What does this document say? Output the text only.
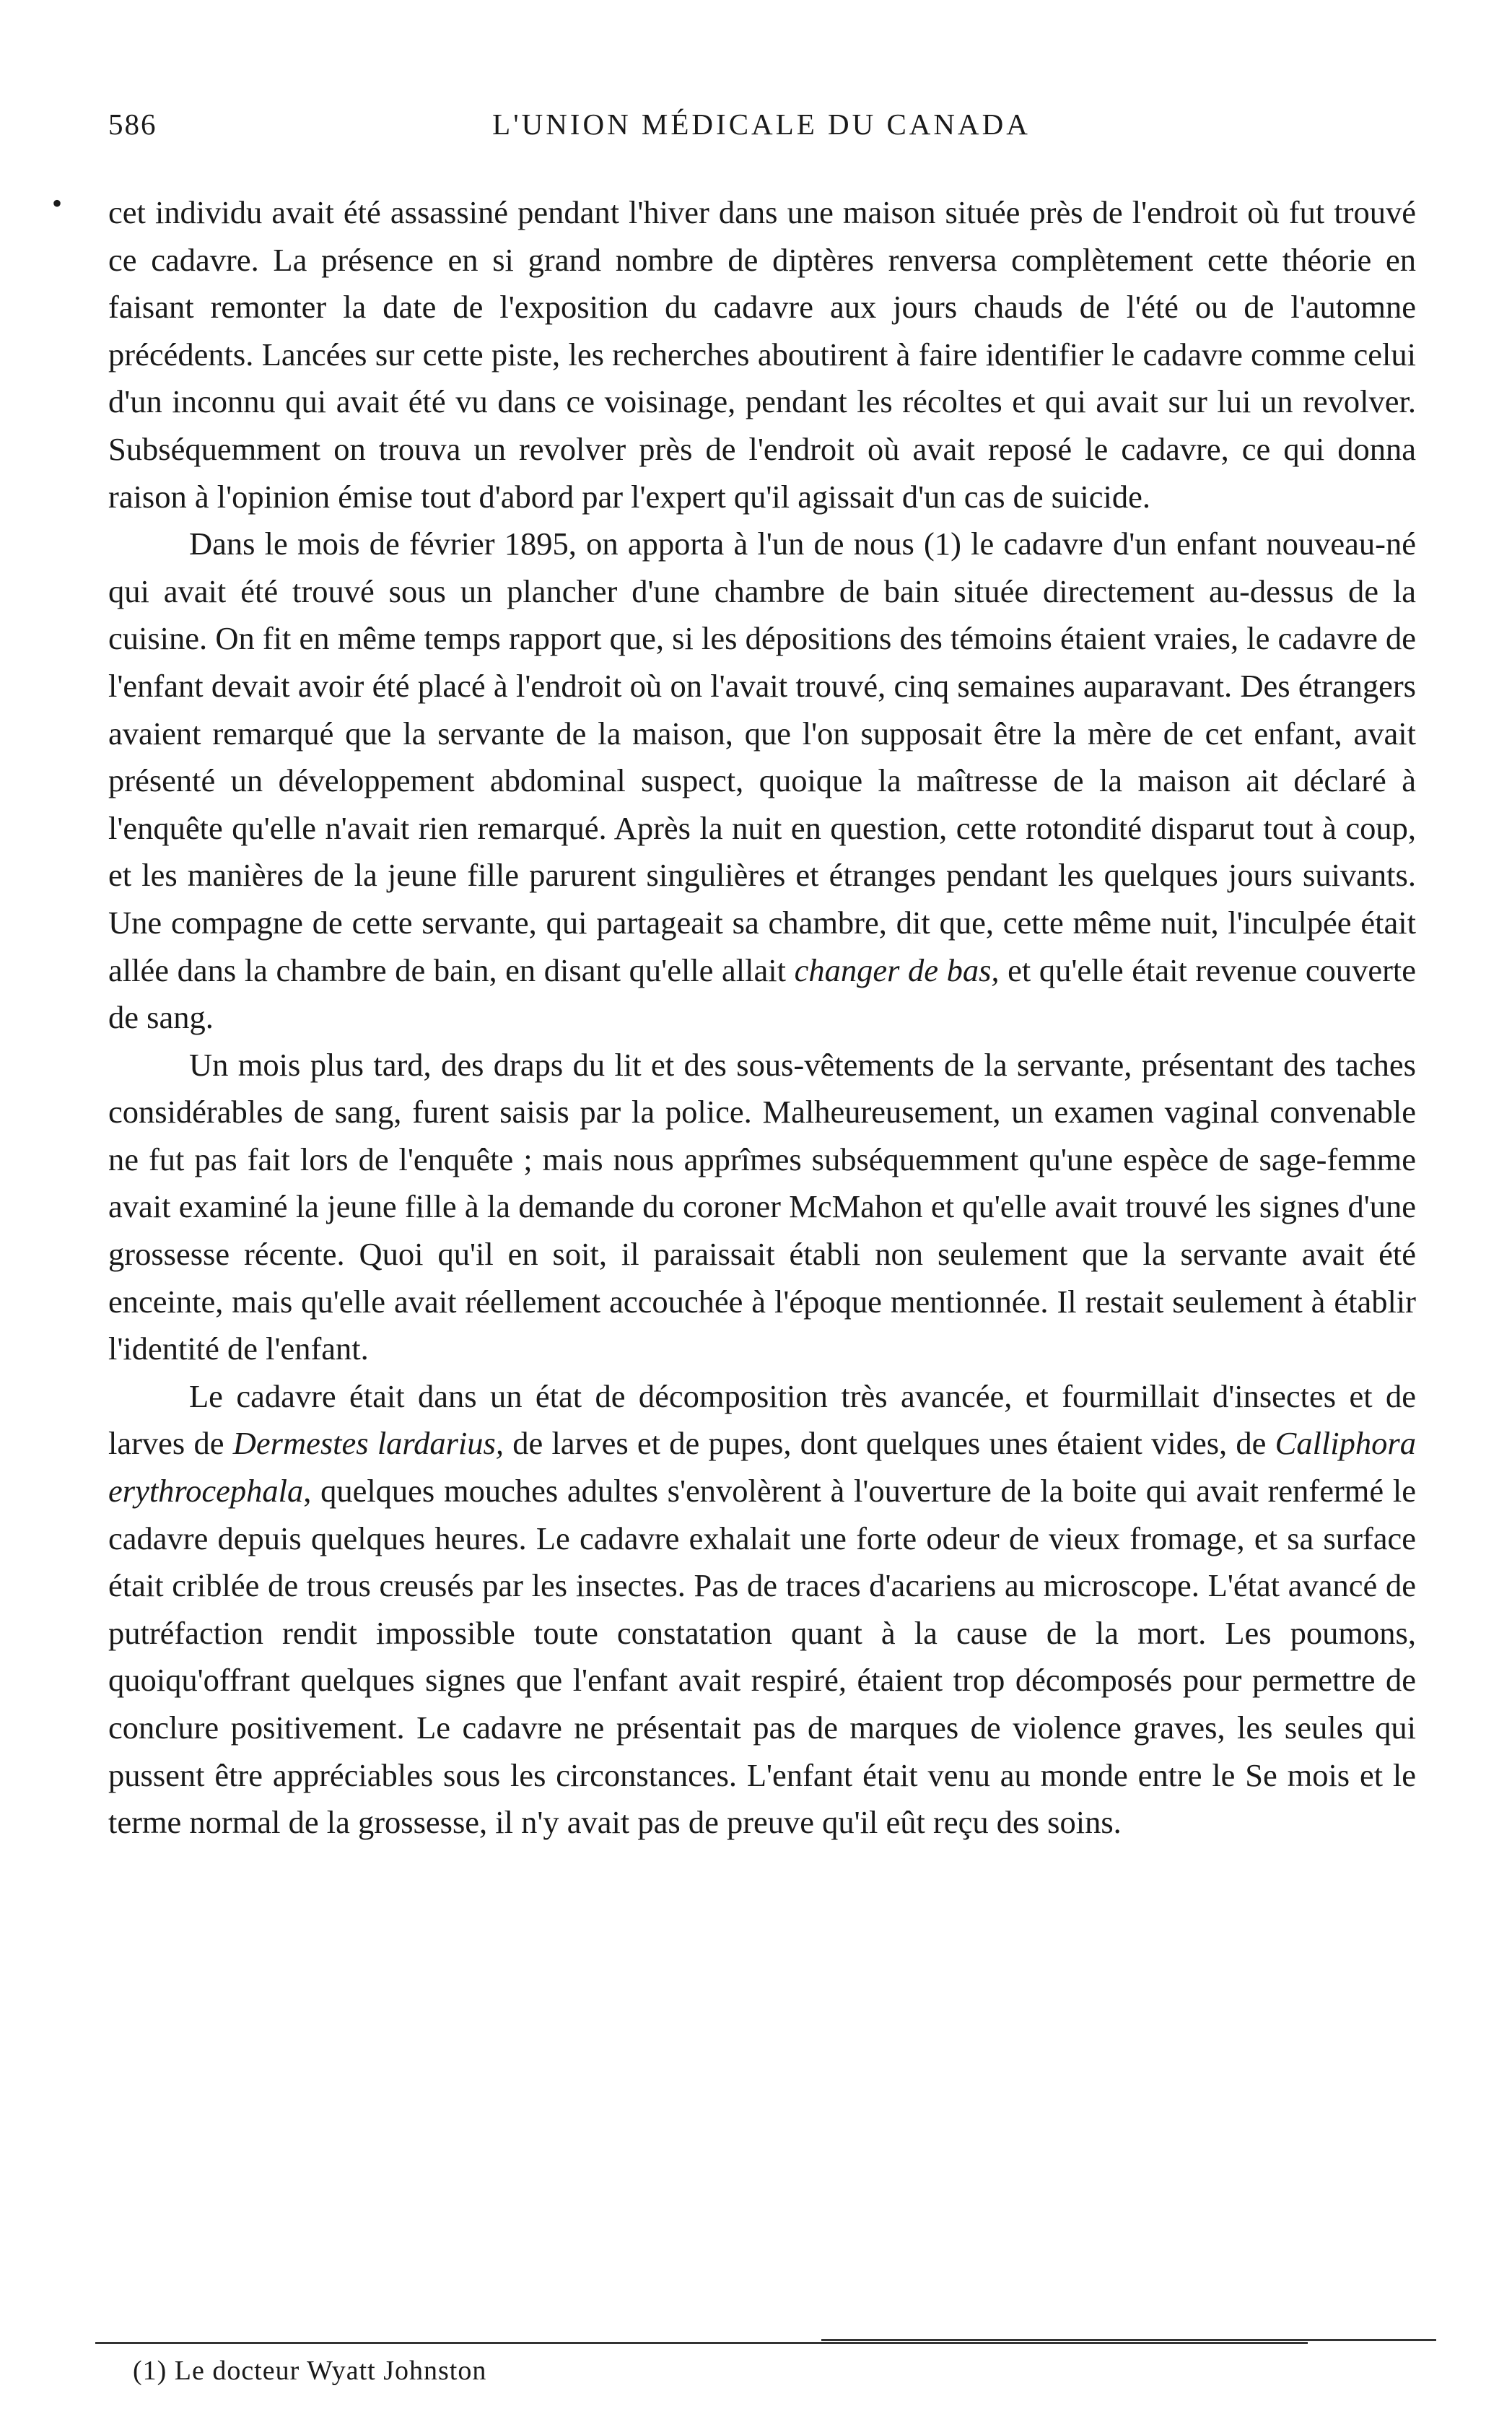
586	L'UNION MÉDICALE DU CANADA
• cet individu avait été assassiné pendant l'hiver dans une maison située près de l'endroit où fut trouvé ce cadavre. La présence en si grand nombre de diptères renversa complètement cette théorie en faisant remonter la date de l'exposition du cadavre aux jours chauds de l'été ou de l'automne précédents. Lancées sur cette piste, les recherches aboutirent à faire identifier le cadavre comme celui d'un inconnu qui avait été vu dans ce voisinage, pendant les récoltes et qui avait sur lui un revolver. Subséquemment on trouva un revolver près de l'endroit où avait reposé le cadavre, ce qui donna raison à l'opinion émise tout d'abord par l'expert qu'il agissait d'un cas de suicide.

Dans le mois de février 1895, on apporta à l'un de nous (1) le cadavre d'un enfant nouveau-né qui avait été trouvé sous un plancher d'une chambre de bain située directement au-dessus de la cuisine. On fit en même temps rapport que, si les dépositions des témoins étaient vraies, le cadavre de l'enfant devait avoir été placé à l'endroit où on l'avait trouvé, cinq semaines auparavant. Des étrangers avaient remarqué que la servante de la maison, que l'on supposait être la mère de cet enfant, avait présenté un développement abdominal suspect, quoique la maîtresse de la maison ait déclaré à l'enquête qu'elle n'avait rien remarqué. Après la nuit en question, cette rotondité disparut tout à coup, et les manières de la jeune fille parurent singulières et étranges pendant les quelques jours suivants. Une compagne de cette servante, qui partageait sa chambre, dit que, cette même nuit, l'inculpée était allée dans la chambre de bain, en disant qu'elle allait changer de bas, et qu'elle était revenue couverte de sang.

Un mois plus tard, des draps du lit et des sous-vêtements de la servante, présentant des taches considérables de sang, furent saisis par la police. Malheureusement, un examen vaginal convenable ne fut pas fait lors de l'enquête ; mais nous apprîmes subséquemment qu'une espèce de sage-femme avait examiné la jeune fille à la demande du coroner McMahon et qu'elle avait trouvé les signes d'une grossesse récente. Quoi qu'il en soit, il paraissait établi non seulement que la servante avait été enceinte, mais qu'elle avait réellement accouchée à l'époque mentionnée. Il restait seulement à établir l'identité de l'enfant.

Le cadavre était dans un état de décomposition très avancée, et fourmillait d'insectes et de larves de Dermestes lardarius, de larves et de pupes, dont quelques unes étaient vides, de Calliphora erythrocephala, quelques mouches adultes s'envolèrent à l'ouverture de la boite qui avait renfermé le cadavre depuis quelques heures. Le cadavre exhalait une forte odeur de vieux fromage, et sa surface était criblée de trous creusés par les insectes. Pas de traces d'acariens au microscope. L'état avancé de putréfaction rendit impossible toute constatation quant à la cause de la mort. Les poumons, quoiqu'offrant quelques signes que l'enfant avait respiré, étaient trop décomposés pour permettre de conclure positivement. Le cadavre ne présentait pas de marques de violence graves, les seules qui pussent être appréciables sous les circonstances. L'enfant était venu au monde entre le Se mois et le terme normal de la grossesse, il n'y avait pas de preuve qu'il eût reçu des soins.

(1) Le docteur Wyatt Johnston
